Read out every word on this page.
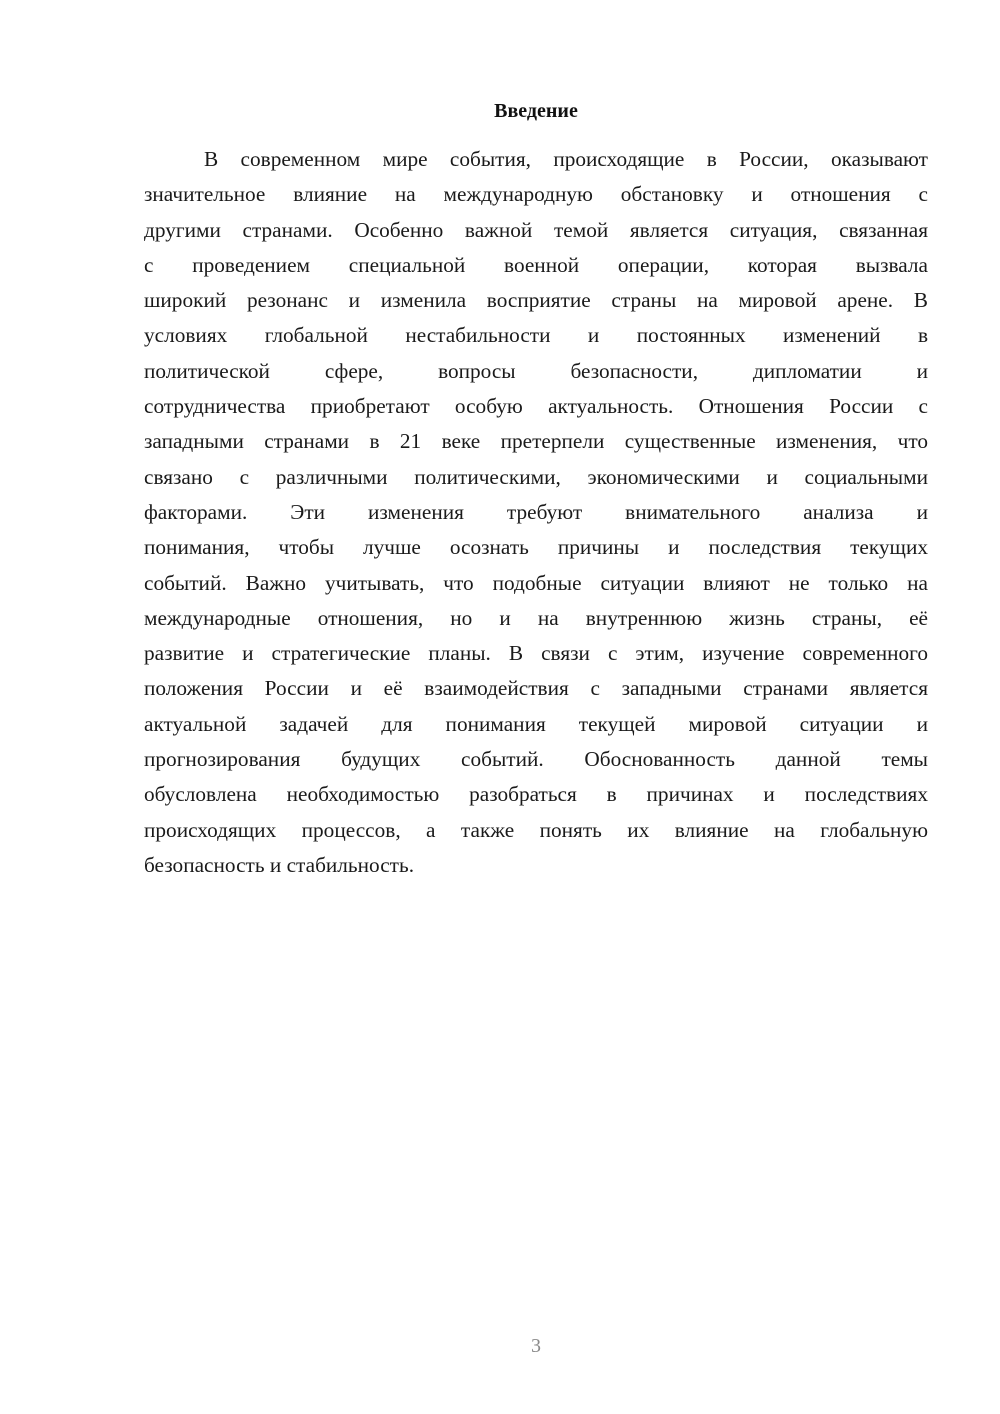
Введение
В современном мире события, происходящие в России, оказывают
значительное влияние на международную обстановку и отношения с
другими странами. Особенно важной темой является ситуация, связанная
с проведением специальной военной операции, которая вызвала
широкий резонанс и изменила восприятие страны на мировой арене. В
условиях глобальной нестабильности и постоянных изменений в
политической сфере, вопросы безопасности, дипломатии и
сотрудничества приобретают особую актуальность. Отношения России с
западными странами в 21 веке претерпели существенные изменения, что
связано с различными политическими, экономическими и социальными
факторами. Эти изменения требуют внимательного анализа и
понимания, чтобы лучше осознать причины и последствия текущих
событий. Важно учитывать, что подобные ситуации влияют не только на
международные отношения, но и на внутреннюю жизнь страны, её
развитие и стратегические планы. В связи с этим, изучение современного
положения России и её взаимодействия с западными странами является
актуальной задачей для понимания текущей мировой ситуации и
прогнозирования будущих событий. Обоснованность данной темы
обусловлена необходимостью разобраться в причинах и последствиях
происходящих процессов, а также понять их влияние на глобальную
безопасность и стабильность.
3
